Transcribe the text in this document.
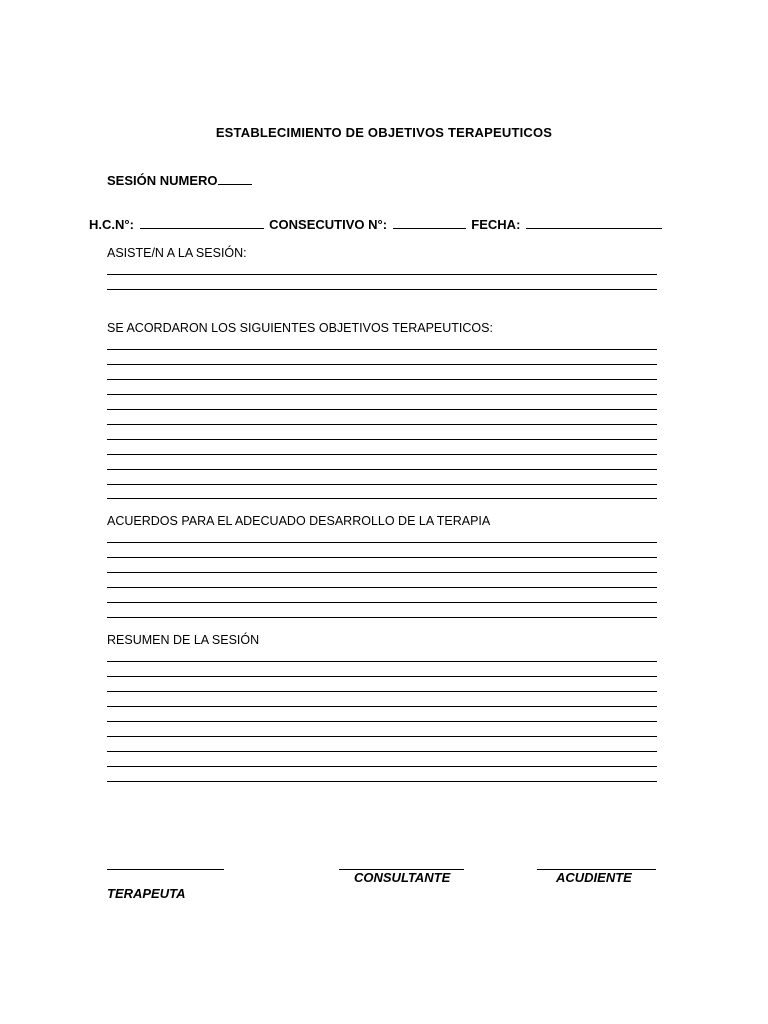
ESTABLECIMIENTO DE OBJETIVOS TERAPEUTICOS
SESIÓN NUMERO
H.C.N°:	CONSECUTIVO N°:	FECHA:
ASISTE/N A LA SESIÓN:
SE ACORDARON LOS SIGUIENTES OBJETIVOS TERAPEUTICOS:
ACUERDOS PARA EL ADECUADO DESARROLLO DE LA TERAPIA
RESUMEN DE LA SESIÓN
TERAPEUTA
CONSULTANTE	ACUDIENTE
